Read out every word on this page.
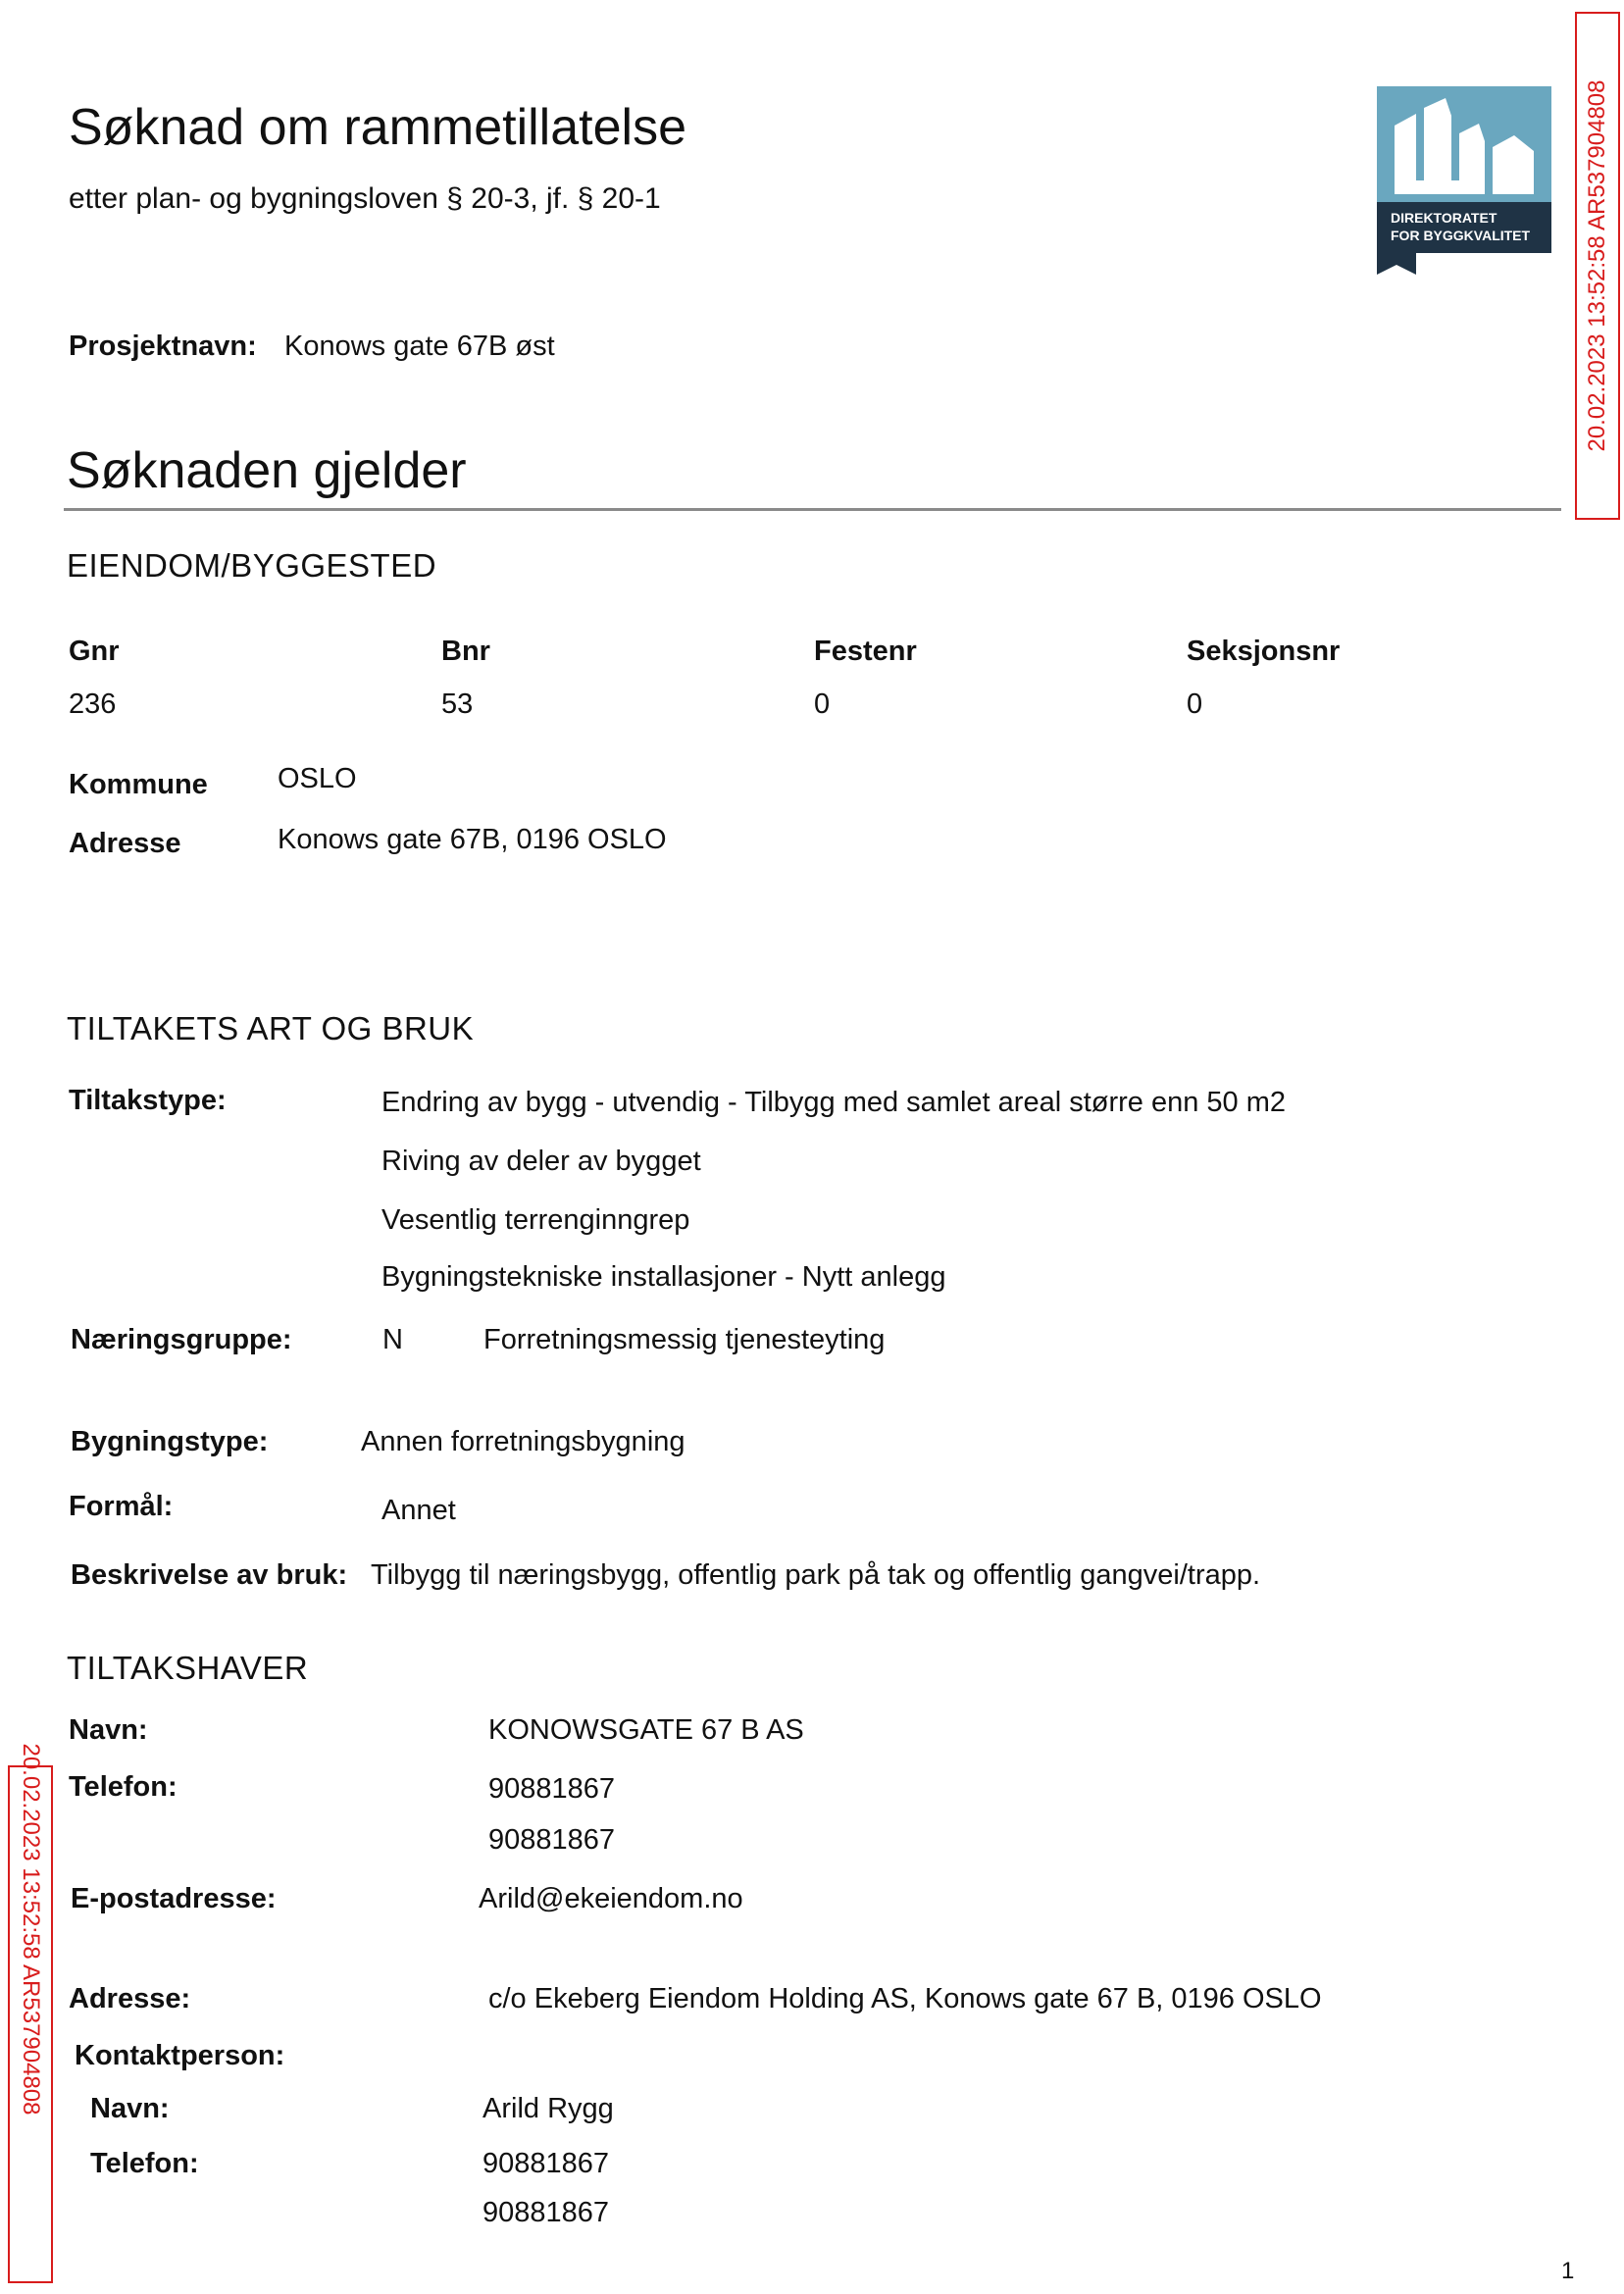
Søknad om rammetillatelse
etter plan- og bygningsloven § 20-3, jf. § 20-1
DIREKTORATET
FOR BYGGKVALITET 20.02.2023 13:52:58 AR537904808
20.02.2023 13:52:58 AR537904808
Prosjektnavn: Konows gate 67B øst
Søknaden gjelder
EIENDOM/BYGGESTED
Gnr	Bnr	Festenr	Seksjonsnr
236	53	0	0
Kommune OSLO
Adresse	Konows gate 67B, 0196 OSLO
TILTAKETS ART OG BRUK
Tiltakstype:	Endring av bygg - utvendig - Tilbygg med samlet areal større enn 50 m2
Riving av deler av bygget
Vesentlig terrenginngrep
Bygningstekniske installasjoner - Nytt anlegg
Næringsgruppe:	N	Forretningsmessig tjenesteyting
Bygningstype:	Annen forretningsbygning
Formål:	Annet
Beskrivelse av bruk: Tilbygg til næringsbygg, offentlig park på tak og offentlig gangvei/trapp.
TILTAKSHAVER
Navn:	KONOWSGATE 67 B AS
Telefon:	90881867
90881867
E-postadresse:	Arild@ekeiendom.no
Adresse:	c/o Ekeberg Eiendom Holding AS, Konows gate 67 B, 0196 OSLO
Kontaktperson:
Navn:	Arild Rygg
Telefon:	90881867
90881867
1
